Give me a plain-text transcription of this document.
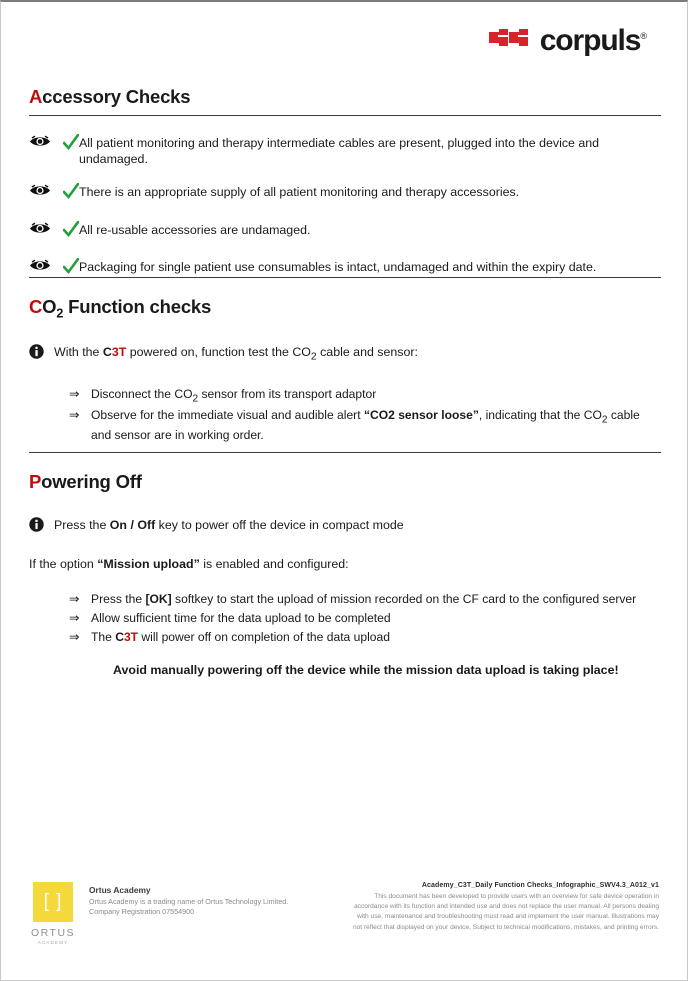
corpuls®
Accessory Checks
All patient monitoring and therapy intermediate cables are present, plugged into the device and undamaged.
There is an appropriate supply of all patient monitoring and therapy accessories.
All re-usable accessories are undamaged.
Packaging for single patient use consumables is intact, undamaged and within the expiry date.
$CO_2$ Function checks
With the C3T powered on, function test the $CO_2$ cable and sensor:
⇒ Disconnect the $CO_2$ sensor from its transport adaptor
⇒ Observe for the immediate visual and audible alert “CO2 sensor loose”, indicating that the $CO_2$ cable and sensor are in working order.
Powering Off
Press the On / Off key to power off the device in compact mode
If the option “Mission upload” is enabled and configured:
⇒ Press the [OK] softkey to start the upload of mission recorded on the CF card to the configured server
⇒ Allow sufficient time for the data upload to be completed
⇒ The C3T will power off on completion of the data upload
Avoid manually powering off the device while the mission data upload is taking place!
[ ]
ORTUS
ACADEMY
Ortus Academy
Ortus Academy is a trading name of Ortus Technology Limited.
Company Registration 07554900
Academy_C3T_Daily Function Checks_Infographic_SWV4.3_A012_v1
This document has been developed to provide users with an overview for safe device operation in accordance with its function and intended use and does not replace the user manual. All persons dealing with use, maintenance and troubleshooting must read and implement the user manual. Illustrations may not reflect that displayed on your device. Subject to technical modifications, mistakes, and printing errors.
